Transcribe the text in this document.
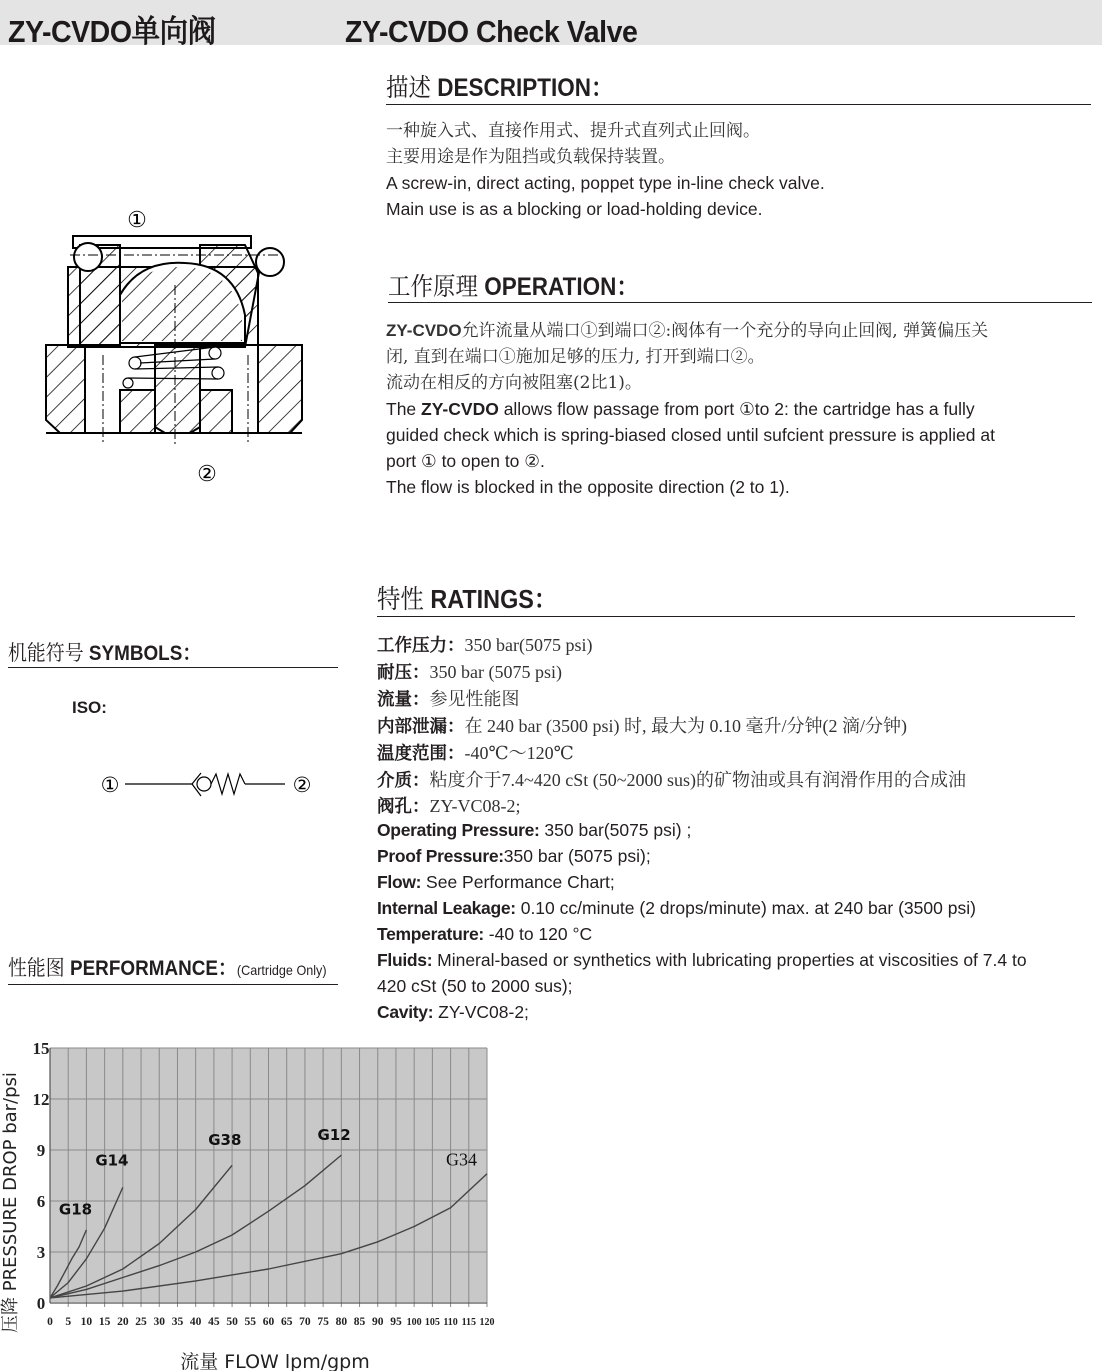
ZY-CVDO单向阀	ZY-CVDO Check Valve
①
②
描述 DESCRIPTION：
一种旋入式、直接作用式、提升式直列式止回阀。
主要用途是作为阻挡或负载保持装置。
A screw-in, direct acting, poppet type in-line check valve.
Main use is as a blocking or load-holding device.
工作原理 OPERATION：
ZY-CVDO允许流量从端口①到端口②:阀体有一个充分的导向止回阀, 弹簧偏压关
闭, 直到在端口①施加足够的压力, 打开到端口②。
流动在相反的方向被阻塞(2比1)。
The ZY-CVDO allows flow passage from port ①to 2: the cartridge has a fully
guided check which is spring-biased closed until sufcient pressure is applied at
port ① to open to ②.
The flow is blocked in the opposite direction (2 to 1).
特性 RATINGS：
工作压力：350 bar(5075 psi)
耐压：350 bar (5075 psi)
流量：参见性能图
内部泄漏：在 240 bar (3500 psi) 时, 最大为 0.10 毫升/分钟(2 滴/分钟)
温度范围：-40℃～120℃
介质：粘度介于7.4~420 cSt (50~2000 sus)的矿物油或具有润滑作用的合成油
阀孔：ZY-VC08-2;
Operating Pressure: 350 bar(5075 psi) ;
Proof Pressure:350 bar (5075 psi);
Flow: See Performance Chart;
Internal Leakage: 0.10 cc/minute (2 drops/minute) max. at 240 bar (3500 psi)
Temperature: -40 to 120 °C
Fluids: Mineral-based or synthetics with lubricating properties at viscosities of 7.4 to
420 cSt (50 to 2000 sus);
Cavity: ZY-VC08-2;
机能符号 SYMBOLS：
ISO:
①	②
性能图 PERFORMANCE：(Cartridge Only)
0
3
6
9
12
15
0 5 10 15 20 25 30 35 40 45 50 55 60 65 70 75 80 85 90 95 100 105 110 115 120
G18
G14
G38	G12
G34
压降 PRESSURE DROP bar/psi
流量 FLOW lpm/gpm
